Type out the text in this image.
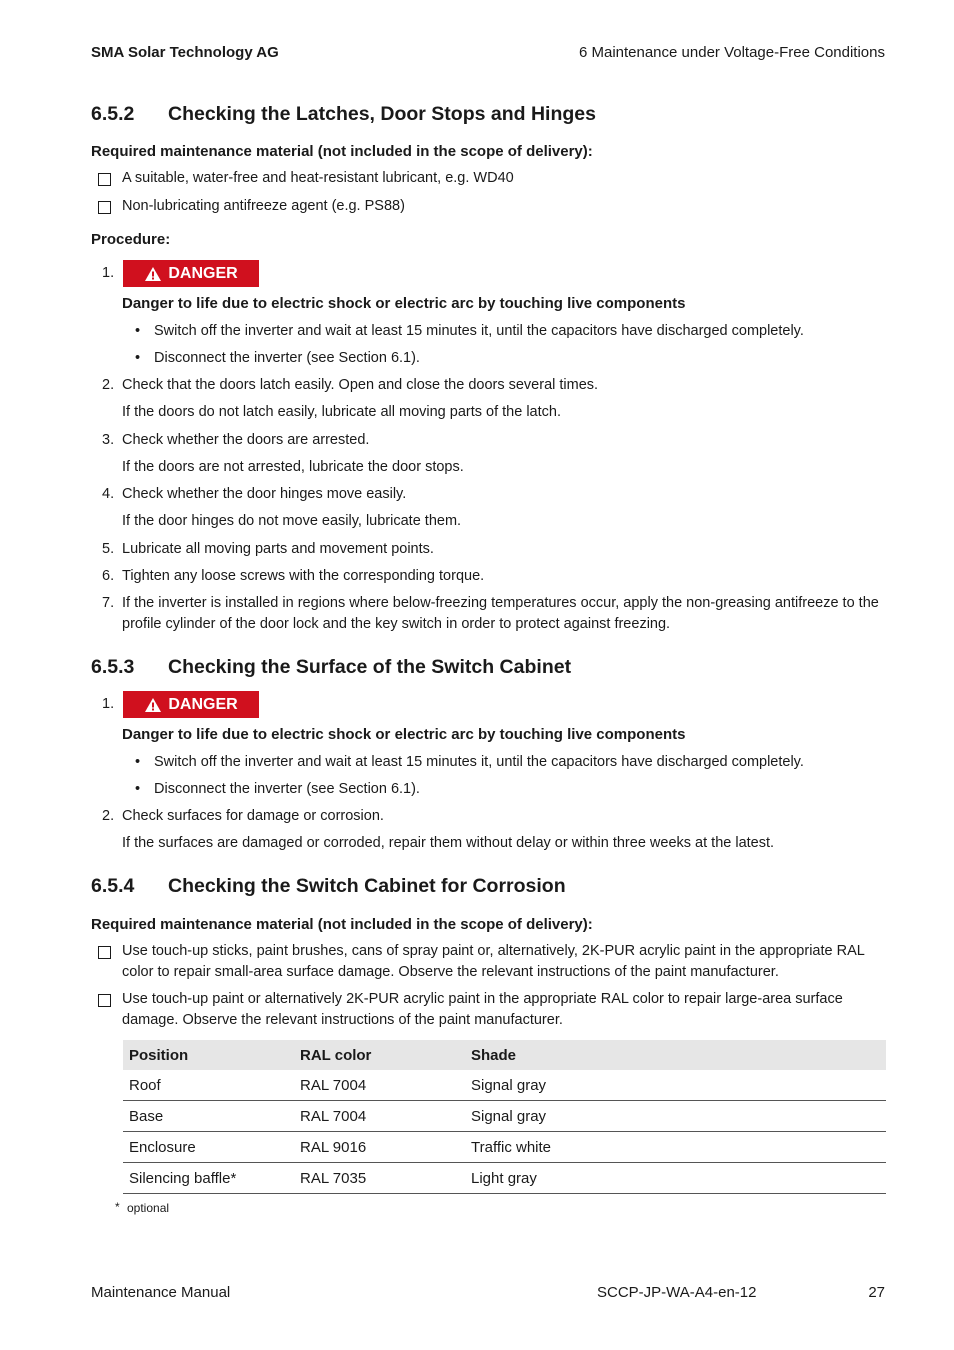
SMA Solar Technology AG	6 Maintenance under Voltage-Free Conditions
6.5.2 Checking the Latches, Door Stops and Hinges
Required maintenance material (not included in the scope of delivery):
A suitable, water-free and heat-resistant lubricant, e.g. WD40
Non-lubricating antifreeze agent (e.g. PS88)
Procedure:
1.	DANGER
Danger to life due to electric shock or electric arc by touching live components
• Switch off the inverter and wait at least 15 minutes it, until the capacitors have discharged completely.
• Disconnect the inverter (see Section 6.1).
2. Check that the doors latch easily. Open and close the doors several times.
If the doors do not latch easily, lubricate all moving parts of the latch.
3. Check whether the doors are arrested.
If the doors are not arrested, lubricate the door stops.
4. Check whether the door hinges move easily.
If the door hinges do not move easily, lubricate them.
5. Lubricate all moving parts and movement points.
6. Tighten any loose screws with the corresponding torque.
7. If the inverter is installed in regions where below-freezing temperatures occur, apply the non-greasing antifreeze to the profile cylinder of the door lock and the key switch in order to protect against freezing.
6.5.3 Checking the Surface of the Switch Cabinet
1.	DANGER
Danger to life due to electric shock or electric arc by touching live components
• Switch off the inverter and wait at least 15 minutes it, until the capacitors have discharged completely.
• Disconnect the inverter (see Section 6.1).
2. Check surfaces for damage or corrosion.
If the surfaces are damaged or corroded, repair them without delay or within three weeks at the latest.
6.5.4 Checking the Switch Cabinet for Corrosion
Required maintenance material (not included in the scope of delivery):
Use touch-up sticks, paint brushes, cans of spray paint or, alternatively, 2K-PUR acrylic paint in the appropriate RAL color to repair small-area surface damage. Observe the relevant instructions of the paint manufacturer.
Use touch-up paint or alternatively 2K-PUR acrylic paint in the appropriate RAL color to repair large-area surface damage. Observe the relevant instructions of the paint manufacturer.
Position	RAL color	Shade
Roof	RAL 7004	Signal gray
Base	RAL 7004	Signal gray
Enclosure	RAL 9016	Traffic white
Silencing baffle*	RAL 7035	Light gray
* optional
Maintenance Manual	SCCP-JP-WA-A4-en-12	27
